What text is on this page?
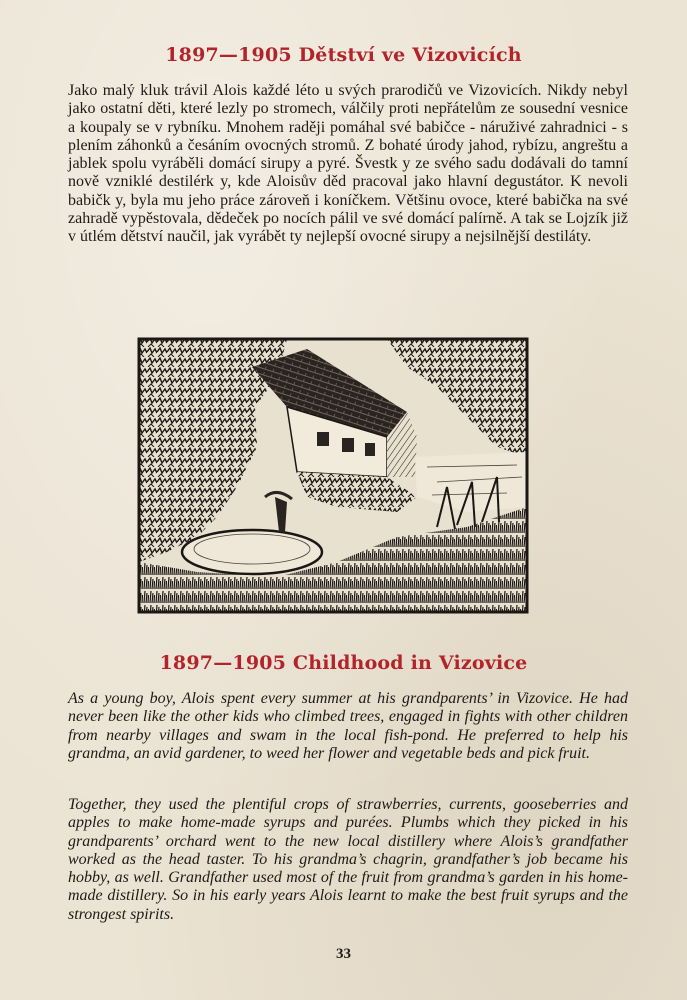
1897—1905 Dětství ve Vizovicích

Jako malý kluk trávil Alois každé léto u svých prarodičů ve Vizovicích. Nikdy nebyl jako ostatní děti, které lezly po stromech, válčily proti nepřátelům ze sousední vesnice a koupaly se v rybníku. Mnohem raději pomáhal své babičce - náruživé zahradnici - s plením záhonků a česáním ovocných stromů. Z bohaté úrody jahod, rybízu, angreštu a jablek spolu vyráběli domácí sirupy a pyré. Švestk y ze svého sadu dodávali do tamní nově vzniklé destilérk y, kde Aloisův děd pracoval jako hlavní degustátor. K nevoli babičk y, byla mu jeho práce zároveň i koníčkem. Většinu ovoce, které babička na své zahradě vypěstovala, dědeček po nocích pálil ve své domácí palírně. A tak se Lojzík již v útlém dětství naučil, jak vyrábět ty nejlepší ovocné sirupy a nejsilnější destiláty.

1897—1905 Childhood in Vizovice

As a young boy, Alois spent every summer at his grandparents’ in Vizovice. He had never been like the other kids who climbed trees, engaged in fights with other children from nearby villages and swam in the local fish-pond. He preferred to help his grandma, an avid gardener, to weed her flower and vegetable beds and pick fruit.

Together, they used the plentiful crops of strawberries, currents, gooseberries and apples to make home-made syrups and purées. Plumbs which they picked in his grandparents’ orchard went to the new local distillery where Alois’s grandfather worked as the head taster. To his grandma’s chagrin, grandfather’s job became his hobby, as well. Grandfather used most of the fruit from grandma’s garden in his home-made distillery. So in his early years Alois learnt to make the best fruit syrups and the strongest spirits.

33
